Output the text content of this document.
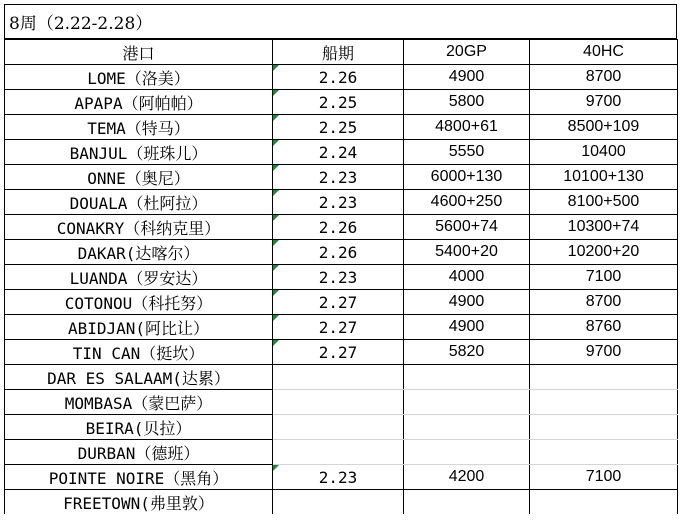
8周（2.22-2.28）
港口	船期	20GP	40HC
LOME（洛美）	2.26	4900	8700
APAPA（阿帕帕）	2.25	5800	9700
TEMA（特马）	2.25	4800+61	8500+109
BANJUL（班珠儿）	2.24	5550	10400
ONNE（奥尼）	2.23	6000+130	10100+130
DOUALA（杜阿拉）	2.23	4600+250	8100+500
CONAKRY（科纳克里）	2.26	5600+74	10300+74
DAKAR(达喀尔）	2.26	5400+20	10200+20
LUANDA（罗安达）	2.23	4000	7100
COTONOU（科托努）	2.27	4900	8700
ABIDJAN(阿比让）	2.27	4900	8760
TIN CAN（挺坎）	2.27	5820	9700
DAR ES SALAAM(达累）			
MOMBASA（蒙巴萨）			
BEIRA(贝拉）			
DURBAN（德班）			
POINTE NOIRE（黑角）	2.23	4200	7100
FREETOWN(弗里敦）			
